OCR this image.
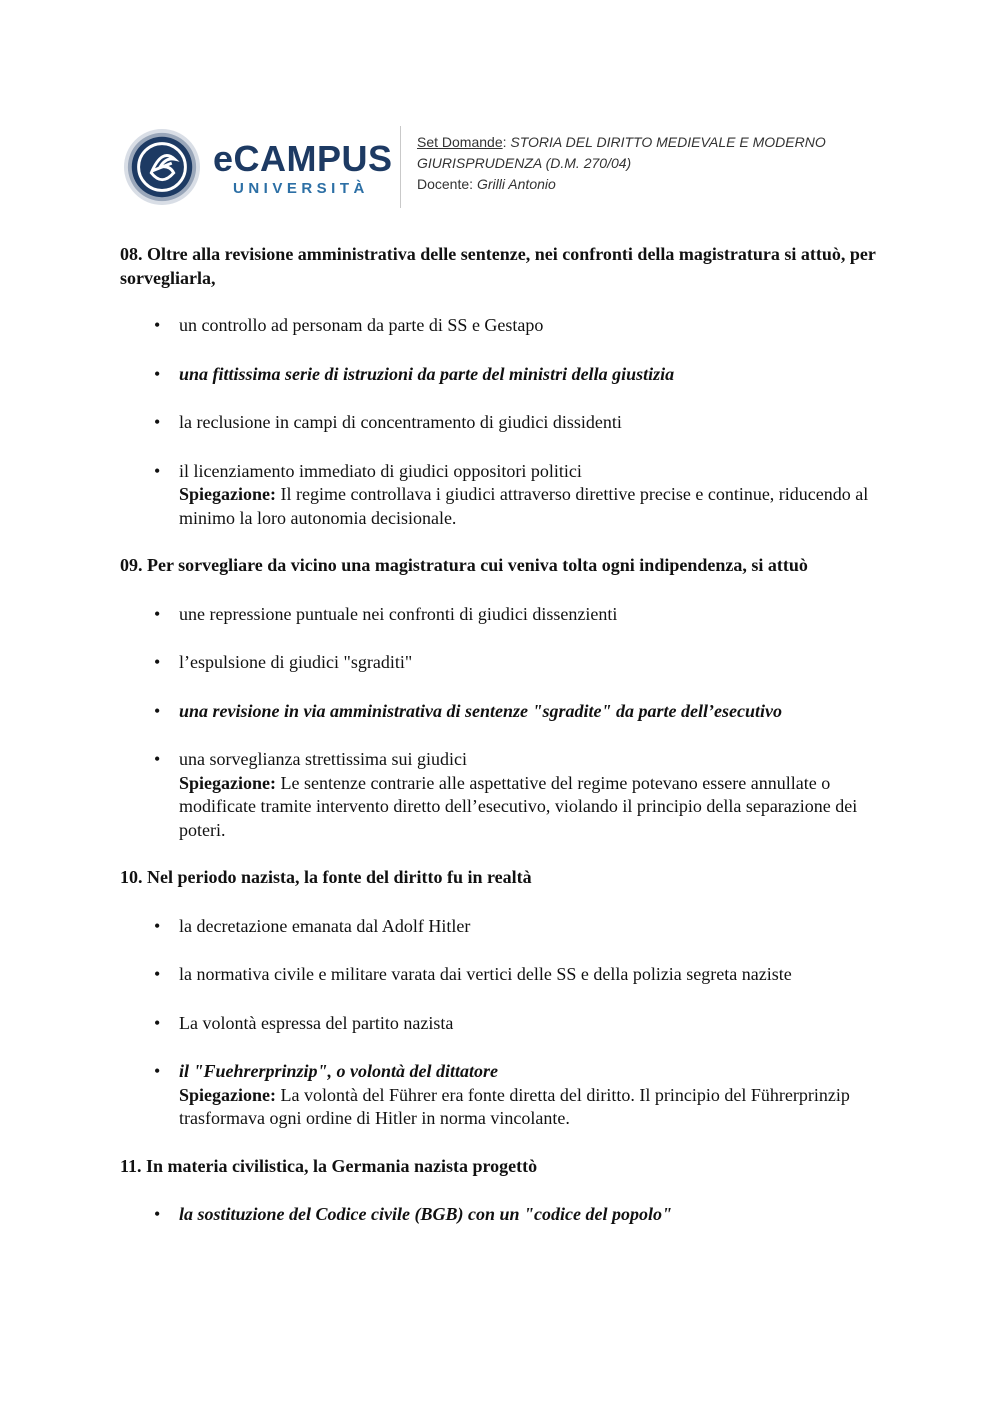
eCAMPUS
UNIVERSITÀ
Set Domande: STORIA DEL DIRITTO MEDIEVALE E MODERNO
GIURISPRUDENZA (D.M. 270/04)
Docente: Grilli Antonio

08. Oltre alla revisione amministrativa delle sentenze, nei confronti della magistratura si attuò, per sorvegliarla,

• un controllo ad personam da parte di SS e Gestapo
• una fittissima serie di istruzioni da parte del ministri della giustizia
• la reclusione in campi di concentramento di giudici dissidenti
• il licenziamento immediato di giudici oppositori politici
Spiegazione: Il regime controllava i giudici attraverso direttive precise e continue, riducendo al minimo la loro autonomia decisionale.

09. Per sorvegliare da vicino una magistratura cui veniva tolta ogni indipendenza, si attuò

• une repressione puntuale nei confronti di giudici dissenzienti
• l’espulsione di giudici "sgraditi"
• una revisione in via amministrativa di sentenze "sgradite" da parte dell’esecutivo
• una sorveglianza strettissima sui giudici
Spiegazione: Le sentenze contrarie alle aspettative del regime potevano essere annullate o modificate tramite intervento diretto dell’esecutivo, violando il principio della separazione dei poteri.

10. Nel periodo nazista, la fonte del diritto fu in realtà

• la decretazione emanata dal Adolf Hitler
• la normativa civile e militare varata dai vertici delle SS e della polizia segreta naziste
• La volontà espressa del partito nazista
• il "Fuehrerprinzip", o volontà del dittatore
Spiegazione: La volontà del Führer era fonte diretta del diritto. Il principio del Führerprinzip trasformava ogni ordine di Hitler in norma vincolante.

11. In materia civilistica, la Germania nazista progettò

• la sostituzione del Codice civile (BGB) con un "codice del popolo"
